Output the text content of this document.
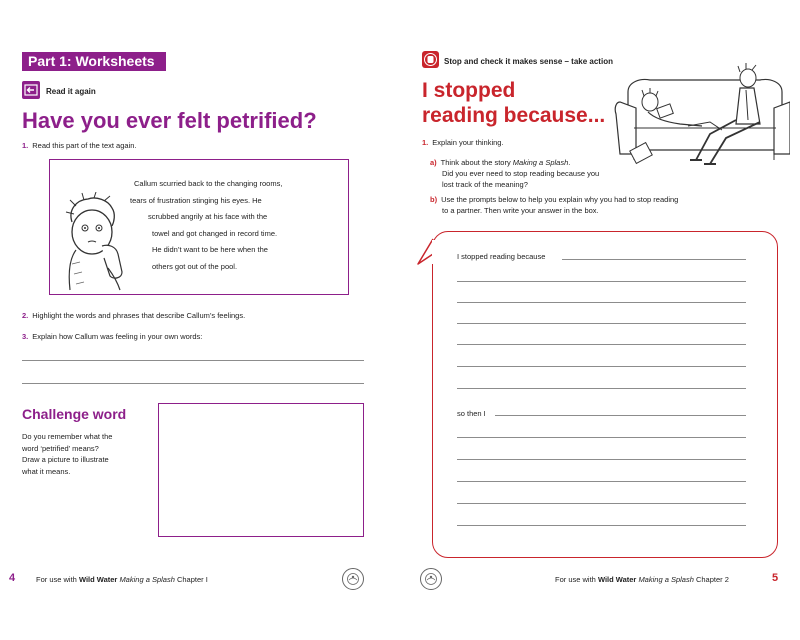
Part 1: Worksheets
Read it again
Have you ever felt petrified?
1. Read this part of the text again.
Callum scurried back to the changing rooms,
tears of frustration stinging his eyes. He
scrubbed angrily at his face with the
towel and got changed in record time.
He didn’t want to be here when the
others got out of the pool.
2. Highlight the words and phrases that describe Callum’s feelings.
3. Explain how Callum was feeling in your own words:
Challenge word
Do you remember what the
word ‘petrified’ means?
Draw a picture to illustrate
what it means.
4	For use with Wild Water Making a Splash Chapter I
Stop and check it makes sense – take action
I stopped
reading because...
1. Explain your thinking.
a) Think about the story Making a Splash.
Did you ever need to stop reading because you
lost track of the meaning?
b) Use the prompts below to help you explain why you had to stop reading
to a partner. Then write your answer in the box.
I stopped reading because
so then I
For use with Wild Water Making a Splash Chapter 2	5
